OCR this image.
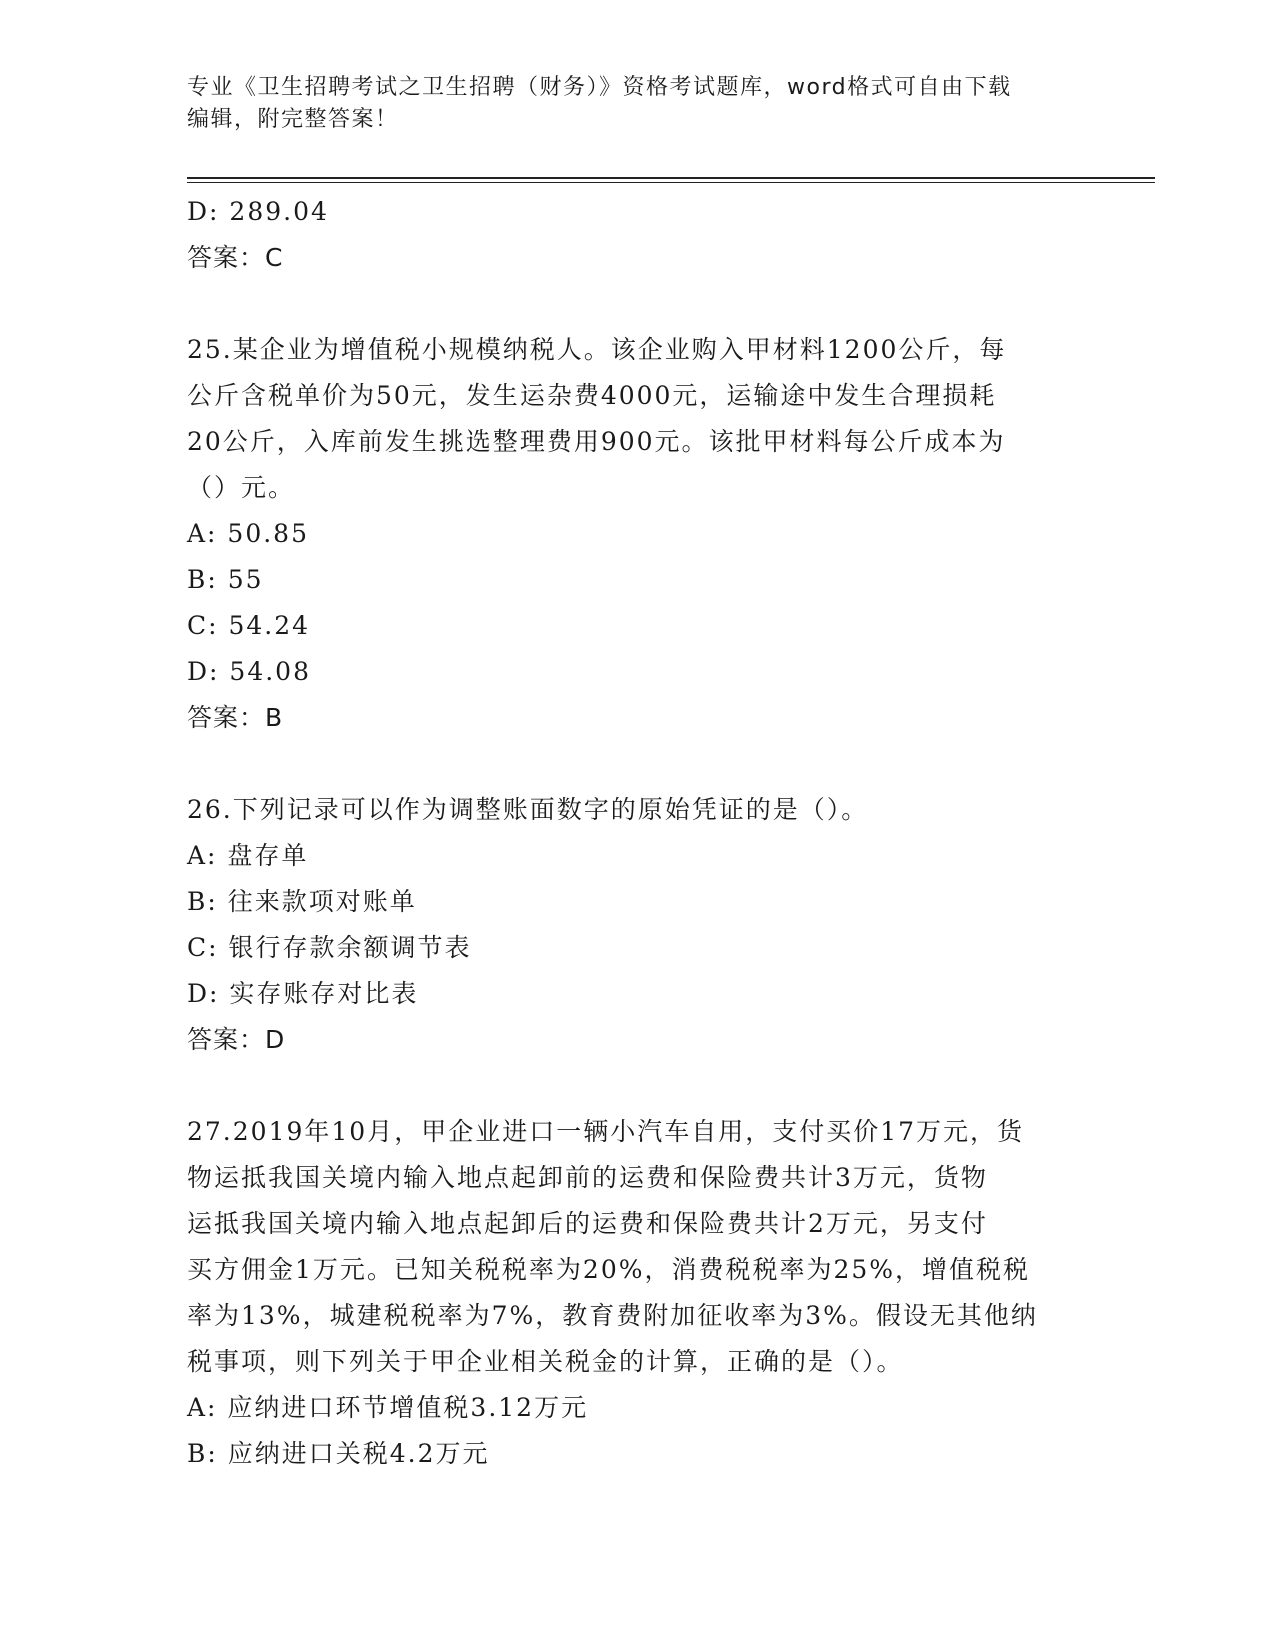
专业《卫生招聘考试之卫生招聘（财务）》资格考试题库，word格式可自由下载
编辑，附完整答案！
D: 289.04
答案：C
25.某企业为增值税小规模纳税人。该企业购入甲材料1200公斤，每
公斤含税单价为50元，发生运杂费4000元，运输途中发生合理损耗
20公斤，入库前发生挑选整理费用900元。该批甲材料每公斤成本为
（）元。
A: 50.85
B: 55
C: 54.24
D: 54.08
答案：B
26.下列记录可以作为调整账面数字的原始凭证的是（）。
A: 盘存单
B: 往来款项对账单
C: 银行存款余额调节表
D: 实存账存对比表
答案：D
27.2019年10月，甲企业进口一辆小汽车自用，支付买价17万元，货
物运抵我国关境内输入地点起卸前的运费和保险费共计3万元，货物
运抵我国关境内输入地点起卸后的运费和保险费共计2万元，另支付
买方佣金1万元。已知关税税率为20%，消费税税率为25%，增值税税
率为13%，城建税税率为7%，教育费附加征收率为3%。假设无其他纳
税事项，则下列关于甲企业相关税金的计算，正确的是（）。
A: 应纳进口环节增值税3.12万元
B: 应纳进口关税4.2万元
